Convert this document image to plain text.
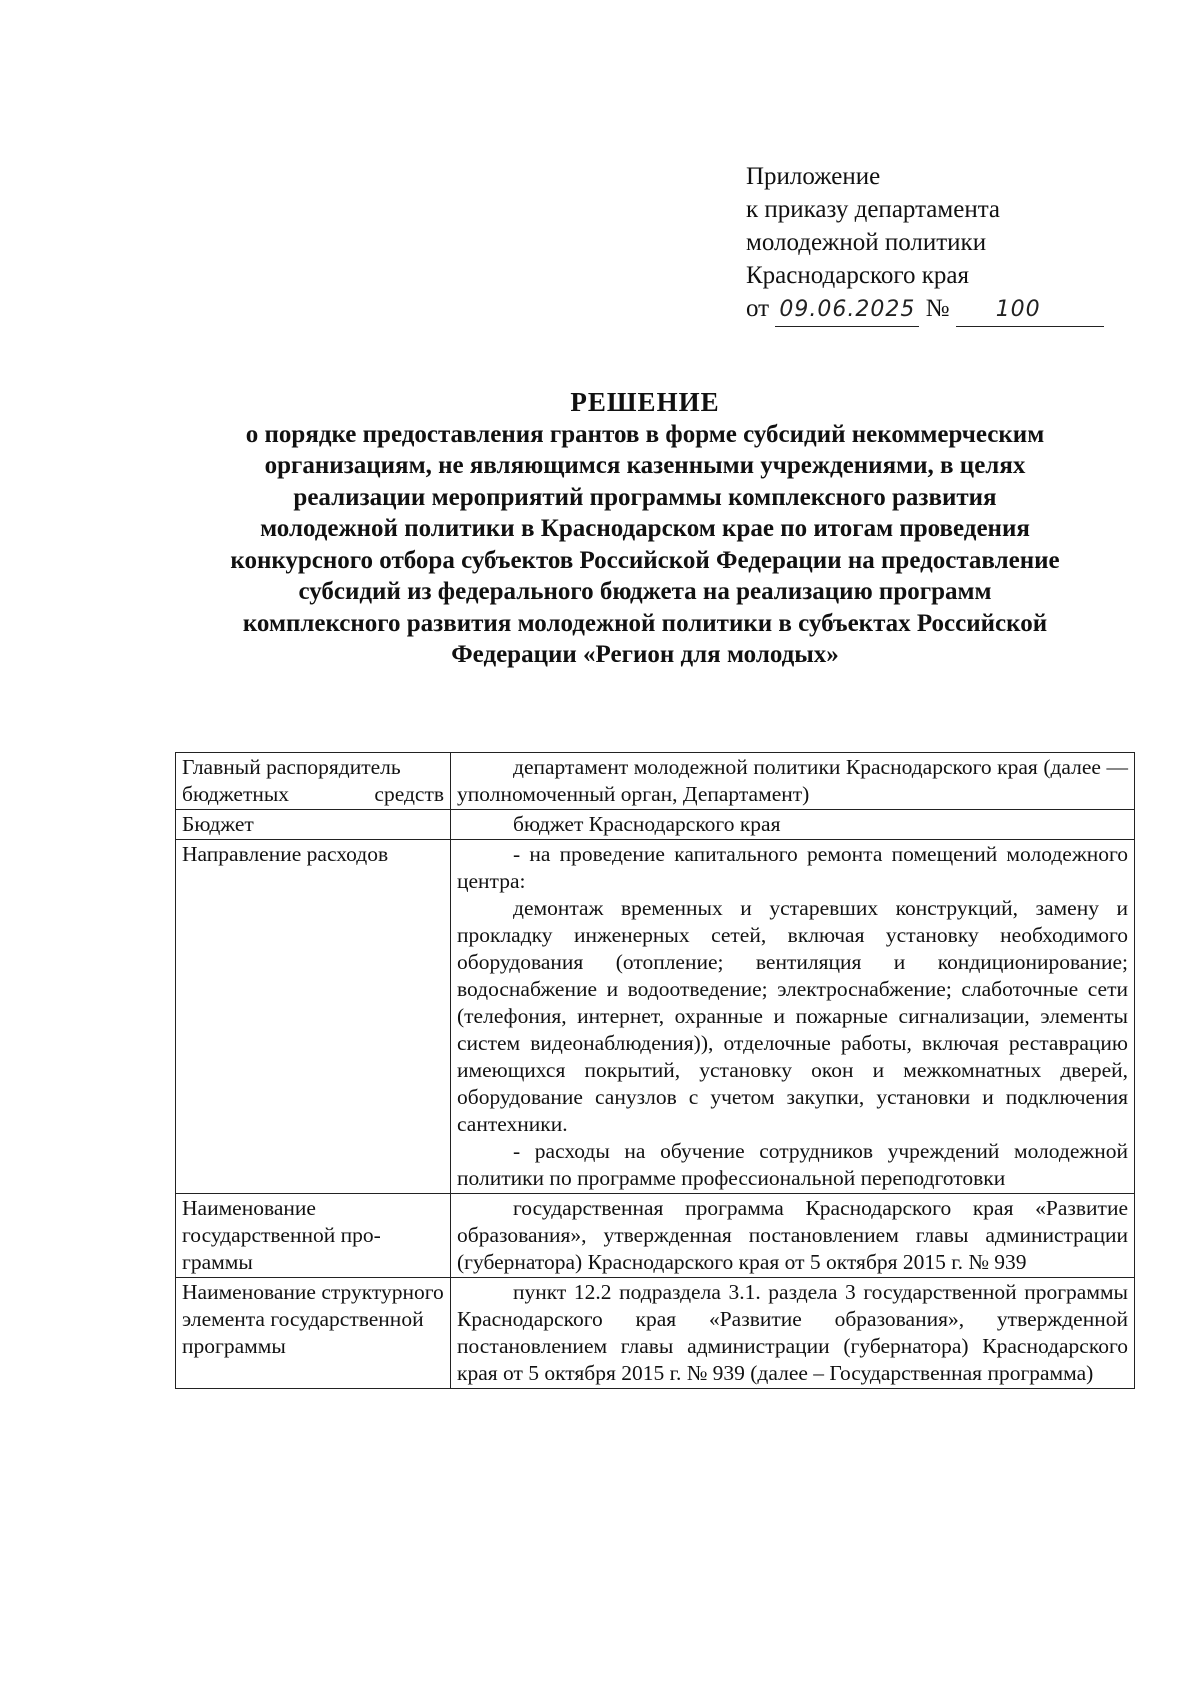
Приложение
к приказу департамента
молодежной политики
Краснодарского края
от 09.06.2025 № 100
РЕШЕНИЕ
о порядке предоставления грантов в форме субсидий некоммерческим
организациям, не являющимся казенными учреждениями, в целях
реализации мероприятий программы комплексного развития
молодежной политики в Краснодарском крае по итогам проведения
конкурсного отбора субъектов Российской Федерации на предоставление
субсидий из федерального бюджета на реализацию программ
комплексного развития молодежной политики в субъектах Российской
Федерации «Регион для молодых»
Главный распорядитель бюджетных средств	департамент молодежной политики Краснодарского края (далее — уполномоченный орган, Департамент)

Бюджет	бюджет Краснодарского края

Направление расходов	- на проведение капитального ремонта помещений молодежного центра:

демонтаж временных и устаревших конструкций, замену и прокладку инженерных сетей, включая установку необходимого оборудования (отопление; вентиляция и кондиционирование; водоснабжение и водоотведение; электроснабжение; слаботочные сети (телефония, интернет, охранные и пожарные сигнализации, элементы систем видеонаблюдения)), отделочные работы, включая реставрацию имеющихся покрытий, установку окон и межкомнатных дверей, оборудование санузлов с учетом закупки, установки и подключения сантехники.

- расходы на обучение сотрудников учреждений молодежной политики по программе профессиональной переподготовки

Наименование государственной про-граммы	государственная программа Краснодарского края «Развитие образования», утвержденная постановлением главы администрации (губернатора) Краснодарского края от 5 октября 2015 г. № 939

Наименование структурного элемента государственной программы	пункт 12.2 подраздела 3.1. раздела 3 государственной программы Краснодарского края «Развитие образования», утвержденной постановлением главы администрации (губернатора) Краснодарского края от 5 октября 2015 г. № 939 (далее – Государственная программа)
